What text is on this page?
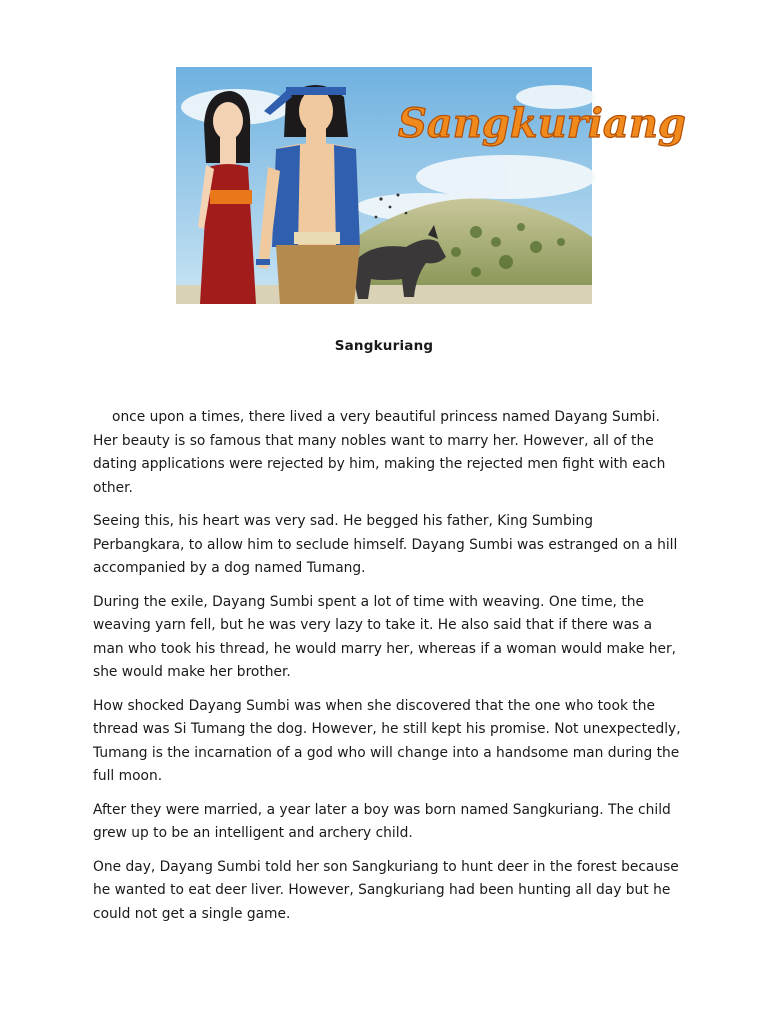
Sangkuriang
Sangkuriang

once upon a times, there lived a very beautiful princess named Dayang Sumbi. Her beauty is so famous that many nobles want to marry her. However, all of the dating applications were rejected by him, making the rejected men fight with each other.

Seeing this, his heart was very sad. He begged his father, King Sumbing Perbangkara, to allow him to seclude himself. Dayang Sumbi was estranged on a hill accompanied by a dog named Tumang.

During the exile, Dayang Sumbi spent a lot of time with weaving. One time, the weaving yarn fell, but he was very lazy to take it. He also said that if there was a man who took his thread, he would marry her, whereas if a woman would make her, she would make her brother.

How shocked Dayang Sumbi was when she discovered that the one who took the thread was Si Tumang the dog. However, he still kept his promise. Not unexpectedly, Tumang is the incarnation of a god who will change into a handsome man during the full moon.

After they were married, a year later a boy was born named Sangkuriang. The child grew up to be an intelligent and archery child.

One day, Dayang Sumbi told her son Sangkuriang to hunt deer in the forest because he wanted to eat deer liver. However, Sangkuriang had been hunting all day but he could not get a single game.
